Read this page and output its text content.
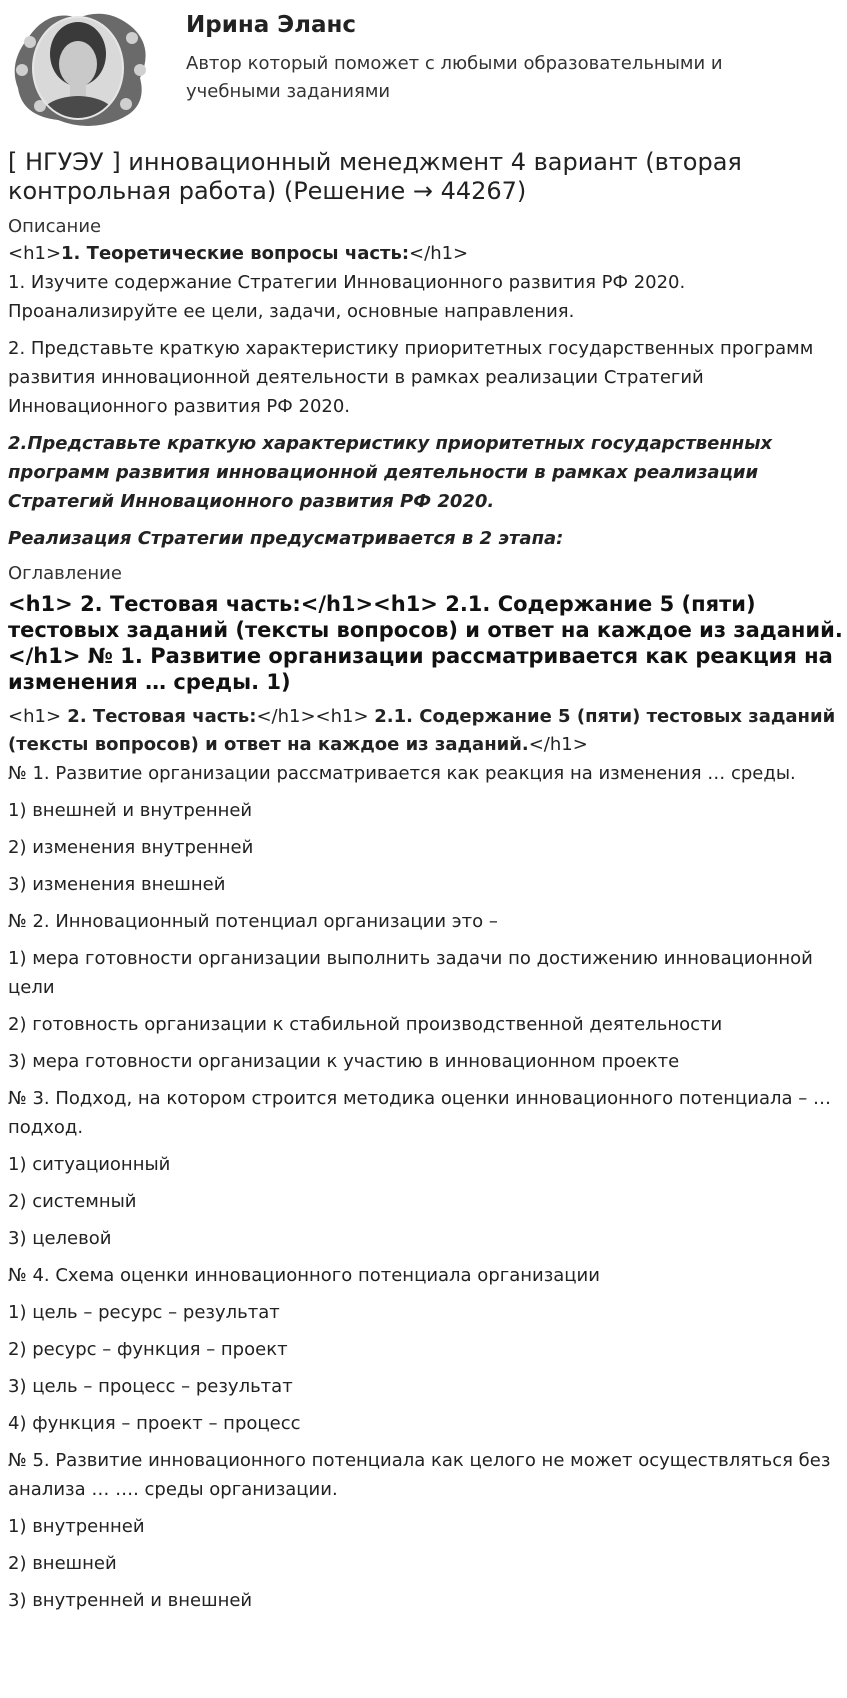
Ирина Эланс
Автор который поможет с любыми образовательными и учебными заданиями
[ НГУЭУ ] инновационный менеджмент 4 вариант (вторая контрольная работа) (Решение → 44267)
Описание
<h1>1. Теоретические вопросы часть:</h1>
1. Изучите содержание Стратегии Инновационного развития РФ 2020. Проанализируйте ее цели, задачи, основные направления.
2. Представьте краткую характеристику приоритетных государственных программ развития инновационной деятельности в рамках реализации Стратегий Инновационного развития РФ 2020.
2.Представьте краткую характеристику приоритетных государственных программ развития инновационной деятельности в рамках реализации Стратегий Инновационного развития РФ 2020.
Реализация Стратегии предусматривается в 2 этапа:
Оглавление
<h1> 2. Тестовая часть:</h1><h1> 2.1. Содержание 5 (пяти) тестовых заданий (тексты вопросов) и ответ на каждое из заданий.</h1> № 1. Развитие организации рассматривается как реакция на изменения … среды. 1)
<h1> 2. Тестовая часть:</h1><h1> 2.1. Содержание 5 (пяти) тестовых заданий (тексты вопросов) и ответ на каждое из заданий.</h1>
№ 1. Развитие организации рассматривается как реакция на изменения … среды.
1) внешней и внутренней
2) изменения внутренней
3) изменения внешней
№ 2. Инновационный потенциал организации это –
1) мера готовности организации выполнить задачи по достижению инновационной цели
2) готовность организации к стабильной производственной деятельности
3) мера готовности организации к участию в инновационном проекте
№ 3. Подход, на котором строится методика оценки инновационного потенциала – … подход.
1) ситуационный
2) системный
3) целевой
№ 4. Схема оценки инновационного потенциала организации
1) цель – ресурс – результат
2) ресурс – функция – проект
3) цель – процесс – результат
4) функция – проект – процесс
№ 5. Развитие инновационного потенциала как целого не может осуществляться без анализа … …. среды организации.
1) внутренней
2) внешней
3) внутренней и внешней
